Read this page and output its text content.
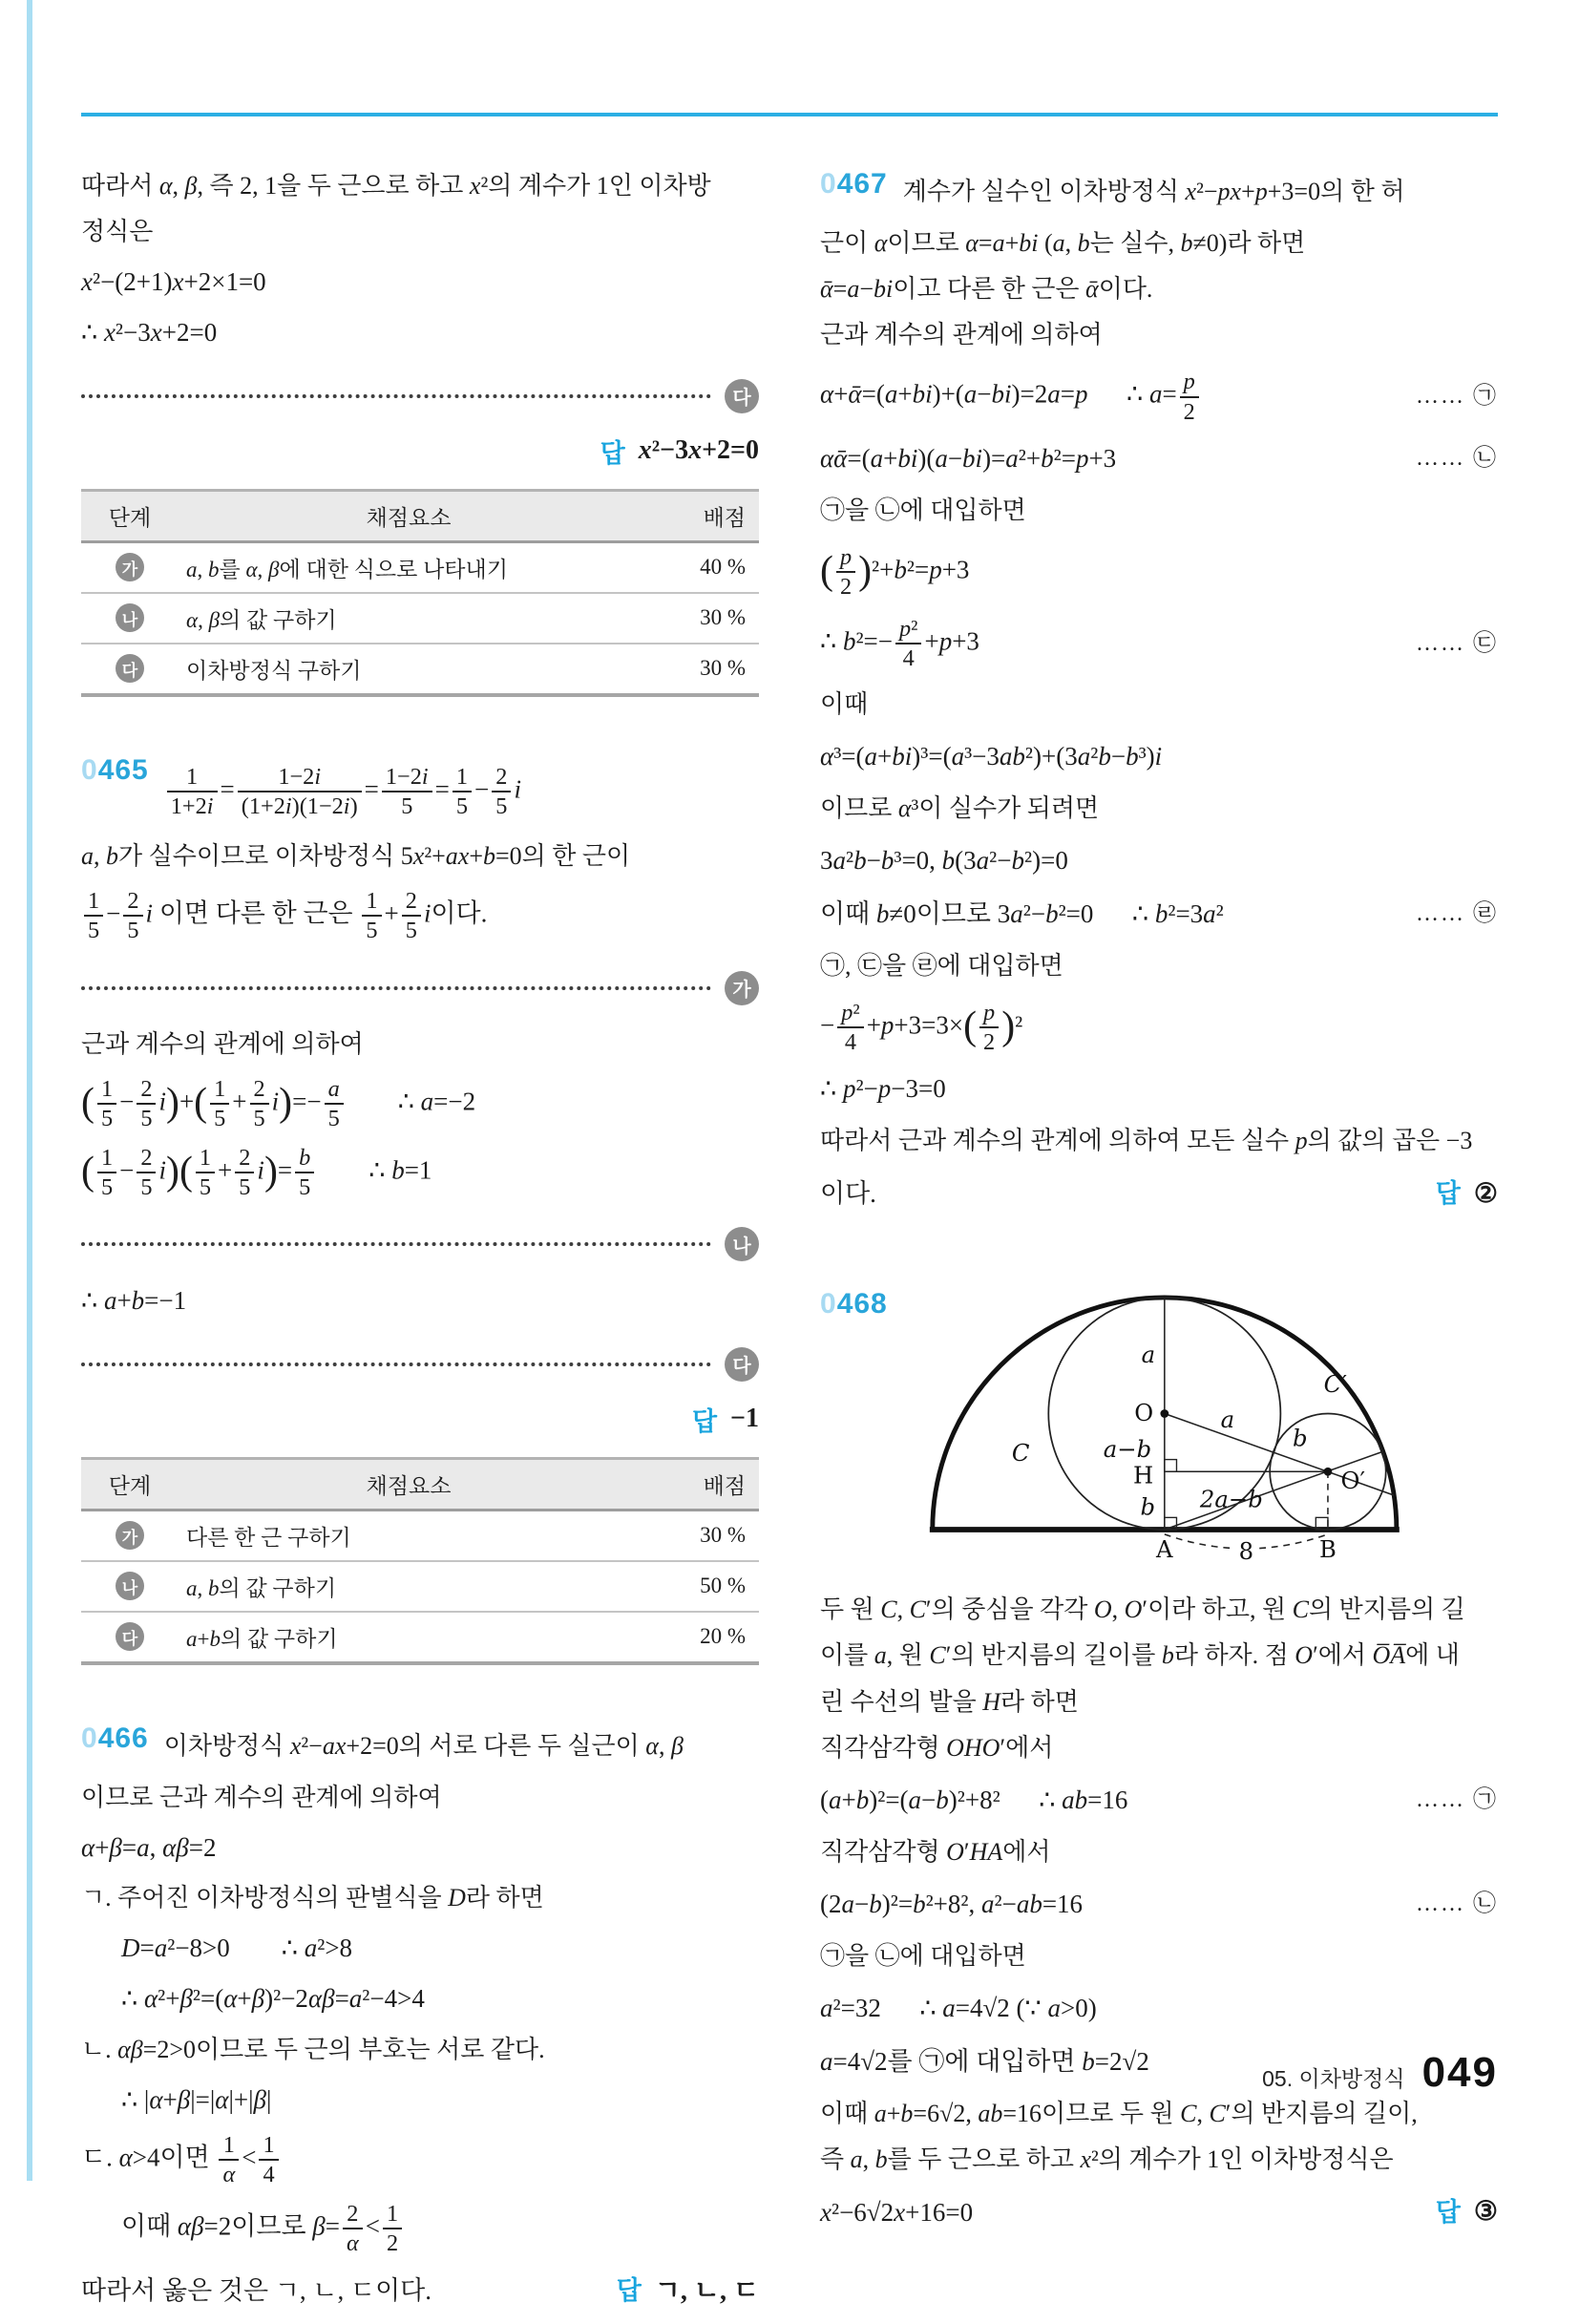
따라서 α, β, 즉 2, 1을 두 근으로 하고 x²의 계수가 1인 이차방
정식은
x²−(2+1)x+2×1=0
∴ x²−3x+2=0
다
답 x²−3x+2=0
단계	채점요소	배점

가	a, b를 α, β에 대한 식으로 나타내기	40 %

나	α, β의 값 구하기	30 %

다	이차방정식 구하기	30 %
$0465 \frac{1}{1+2i} = \frac{1-2i}{(1+2i)(1-2i)} = \frac{1-2i}{5} = \frac{1}{5} - \frac{2}{5}$ i
a, b가 실수이므로 이차방정식 5x²+ax+b=0의 한 근이
$\frac{1}{5} - \frac{2}{5}$ i 이면 다른 한 근은 $\frac{1}{5} + \frac{2}{5}$ i이다.
가
근과 계수의 관계에 의하여
( $\frac{1}{5} - \frac{2}{5} i)+( \frac{1}{5} + \frac{2}{5} i)=- \frac{a}{5}$ ∴ a=−2
( $\frac{1}{5} - \frac{2}{5} i)( \frac{1}{5} + \frac{2}{5} i)= \frac{b}{5}$ ∴ b=1
나
∴ a+b=−1
다
답 −1
단계	채점요소	배점

가	다른 한 근 구하기	30 %

나	a, b의 값 구하기	50 %

다	a+b의 값 구하기	20 %
0466 이차방정식 x²−ax+2=0의 서로 다른 두 실근이 α, β
이므로 근과 계수의 관계에 의하여
α+β=a, αβ=2
ㄱ. 주어진 이차방정식의 판별식을 D라 하면
D=a²−8>0 ∴ a²>8
∴ α²+β²=(α+β)²−2αβ=a²−4>4
ㄴ. αβ=2>0이므로 두 근의 부호는 서로 같다.
∴ |α+β|=|α|+|β|
ㄷ. α>4이면 $\frac{1}{\alpha} < \frac{1}{4}$
이때 αβ=2이므로 $\beta= \frac{2}{\alpha} < \frac{1}{2}$
따라서 옳은 것은 ㄱ, ㄴ, ㄷ이다.	답 ㄱ, ㄴ, ㄷ
0467 계수가 실수인 이차방정식 x²−px+p+3=0의 한 허
근이 α이므로 α=a+bi (a, b는 실수, b≠0)라 하면
ᾱ=a−bi이고 다른 한 근은 ᾱ이다.
근과 계수의 관계에 의하여
α+ᾱ=(a+bi)+(a−bi)=2a=p ∴ $a= \frac{p}{2}$	…… ㉠
αᾱ=(a+bi)(a−bi)=a²+b²=p+3	…… ㉡
㉠을 ㉡에 대입하면
( $\frac{p}{2} )^2+b^2=p+3$
∴ $b^2=- \frac{\text{p²}}{4} +p+3$	…… ㉢
이때
α³=(a+bi)³=(a³−3ab²)+(3a²b−b³)i
이므로 α³이 실수가 되려면
3a²b−b³=0, b(3a²−b²)=0
이때 b≠0이므로 3a²−b²=0 ∴ b²=3a²	…… ㉣
㉠, ㉢을 ㉣에 대입하면
− $\frac{\text{p²}}{4} +p+3=3\times( \frac{p}{2} )^2$
∴ p²−p−3=0
따라서 근과 계수의 관계에 의하여 모든 실수 p의 값의 곱은 −3
이다.	답 ②
0468
a
O	a
b
C
C′
a−b
H
2a−b
b
O′
A	B
8
두 원 C, C′의 중심을 각각 O, O′이라 하고, 원 C의 반지름의 길
이를 a, 원 C′의 반지름의 길이를 b라 하자. 점 O′에서 O̅A̅에 내
린 수선의 발을 H라 하면
직각삼각형 OHO′에서
(a+b)²=(a−b)²+8² ∴ ab=16	…… ㉠
직각삼각형 O′HA에서
(2a−b)²=b²+8², a²−ab=16	…… ㉡
㉠을 ㉡에 대입하면
a²=32 ∴ a=4√2 (∵ a>0)
a=4√2를 ㉠에 대입하면 b=2√2
이때 a+b=6√2, ab=16이므로 두 원 C, C′의 반지름의 길이,
즉 a, b를 두 근으로 하고 x²의 계수가 1인 이차방정식은
x²−6√2x+16=0	답 ③
05. 이차방정식 049
